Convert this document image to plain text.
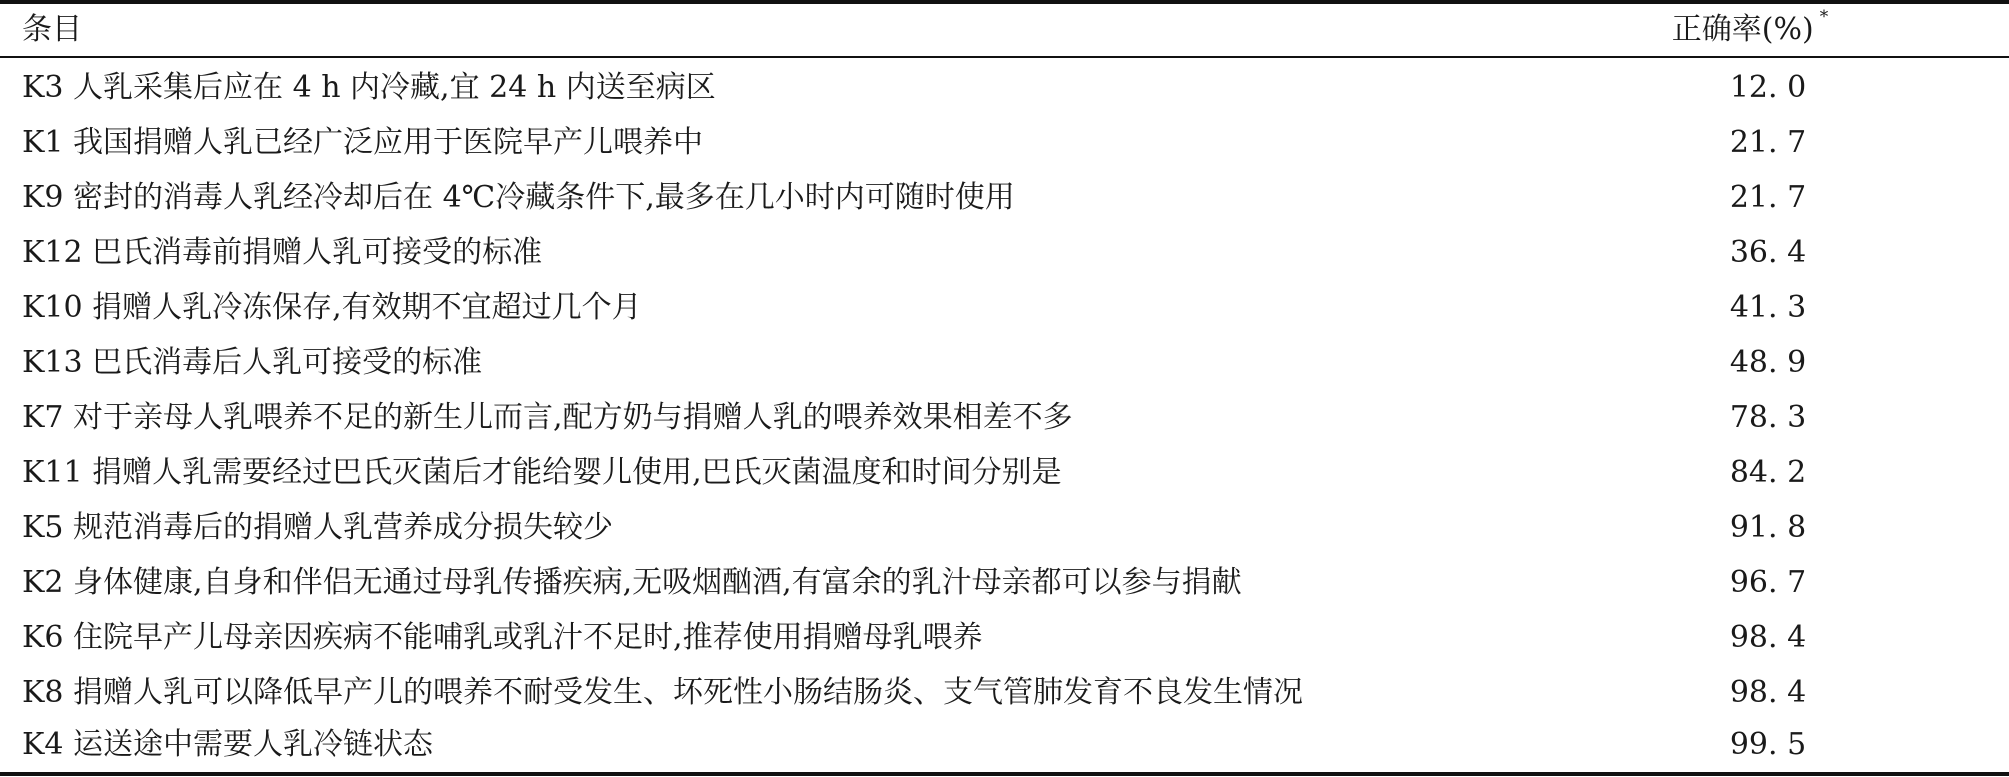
条目	正确率(%) *
K3 人乳采集后应在 4 h 内冷藏,宜 24 h 内送至病区	12. 0
K1 我国捐赠人乳已经广泛应用于医院早产儿喂养中	21. 7
K9 密封的消毒人乳经冷却后在 4℃冷藏条件下,最多在几小时内可随时使用	21. 7
K12 巴氏消毒前捐赠人乳可接受的标准	36. 4
K10 捐赠人乳冷冻保存,有效期不宜超过几个月	41. 3
K13 巴氏消毒后人乳可接受的标准	48. 9
K7 对于亲母人乳喂养不足的新生儿而言,配方奶与捐赠人乳的喂养效果相差不多	78. 3
K11 捐赠人乳需要经过巴氏灭菌后才能给婴儿使用,巴氏灭菌温度和时间分别是	84. 2
K5 规范消毒后的捐赠人乳营养成分损失较少	91. 8
K2 身体健康,自身和伴侣无通过母乳传播疾病,无吸烟酗酒,有富余的乳汁母亲都可以参与捐献	96. 7
K6 住院早产儿母亲因疾病不能哺乳或乳汁不足时,推荐使用捐赠母乳喂养	98. 4
K8 捐赠人乳可以降低早产儿的喂养不耐受发生、坏死性小肠结肠炎、支气管肺发育不良发生情况	98. 4
K4 运送途中需要人乳冷链状态	99. 5
